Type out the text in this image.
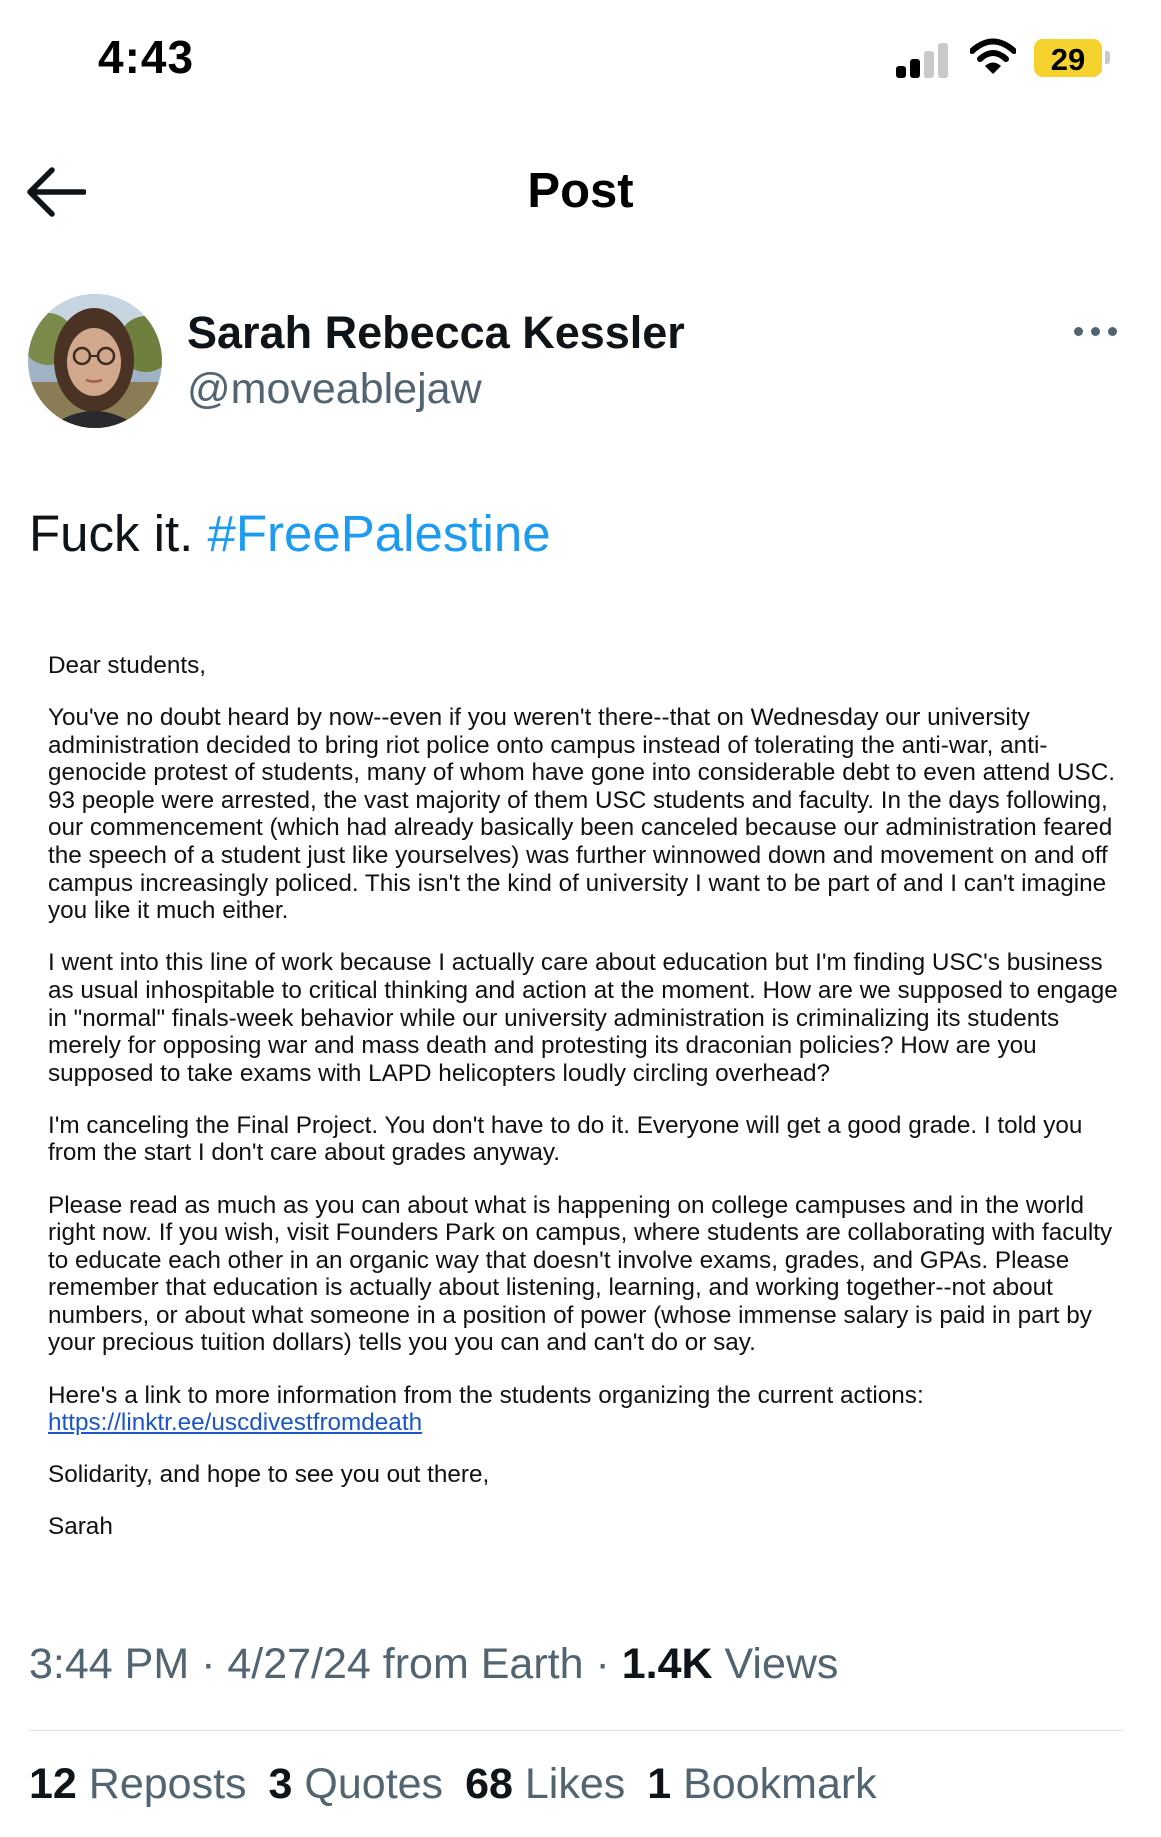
4:43	29
Post
Sarah Rebecca Kessler
@moveablejaw
Fuck it. #FreePalestine
Dear students,
You've no doubt heard by now--even if you weren't there--that on Wednesday our university administration decided to bring riot police onto campus instead of tolerating the anti-war, anti-genocide protest of students, many of whom have gone into considerable debt to even attend USC. 93 people were arrested, the vast majority of them USC students and faculty. In the days following, our commencement (which had already basically been canceled because our administration feared the speech of a student just like yourselves) was further winnowed down and movement on and off campus increasingly policed. This isn't the kind of university I want to be part of and I can't imagine you like it much either.
I went into this line of work because I actually care about education but I'm finding USC's business as usual inhospitable to critical thinking and action at the moment. How are we supposed to engage in "normal" finals-week behavior while our university administration is criminalizing its students merely for opposing war and mass death and protesting its draconian policies? How are you supposed to take exams with LAPD helicopters loudly circling overhead?
I'm canceling the Final Project. You don't have to do it. Everyone will get a good grade. I told you from the start I don't care about grades anyway.
Please read as much as you can about what is happening on college campuses and in the world right now. If you wish, visit Founders Park on campus, where students are collaborating with faculty to educate each other in an organic way that doesn't involve exams, grades, and GPAs. Please remember that education is actually about listening, learning, and working together--not about numbers, or about what someone in a position of power (whose immense salary is paid in part by your precious tuition dollars) tells you you can and can't do or say.
Here's a link to more information from the students organizing the current actions: https://linktr.ee/uscdivestfromdeath
Solidarity, and hope to see you out there,
Sarah
3:44 PM · 4/27/24 from Earth · 1.4K Views
12 Reposts 3 Quotes 68 Likes 1 Bookmark
